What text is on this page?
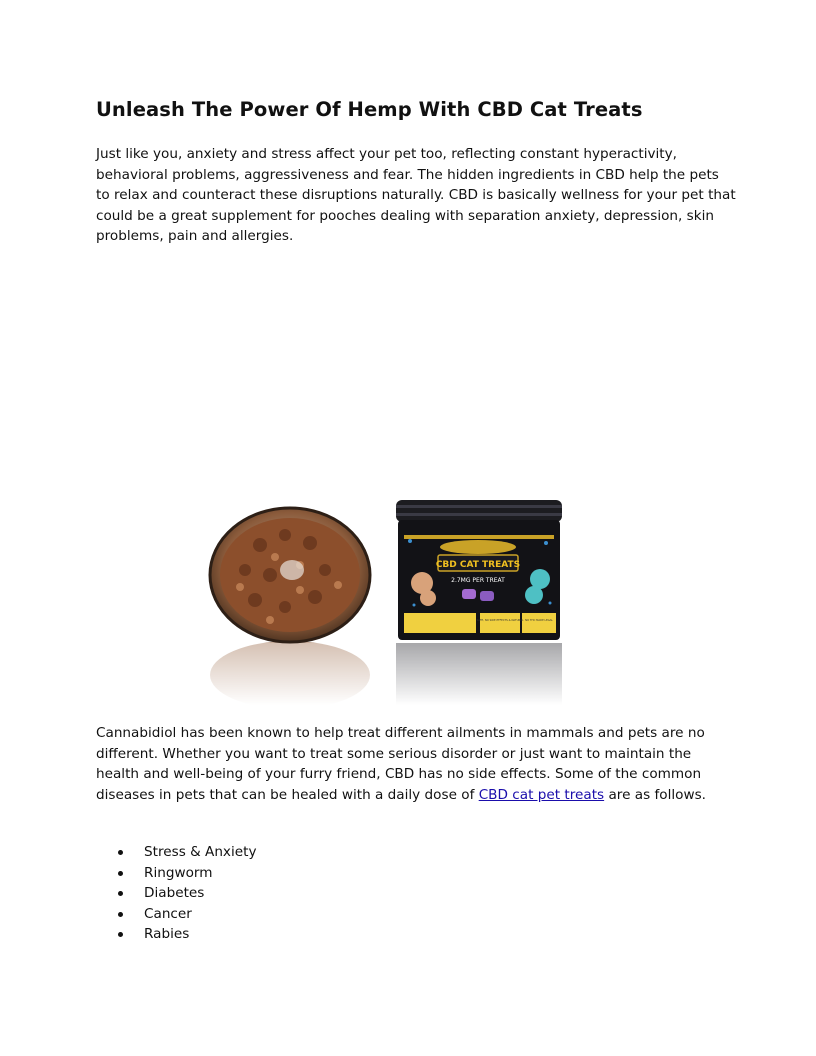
Unleash The Power Of Hemp With CBD Cat Treats

Just like you, anxiety and stress affect your pet too, reflecting constant hyperactivity, behavioral problems, aggressiveness and fear. The hidden ingredients in CBD help the pets to relax and counteract these disruptions naturally. CBD is basically wellness for your pet that could be a great supplement for pooches dealing with separation anxiety, depression, skin problems, pain and allergies.

CBD CAT TREATS
2.7MG PER TREAT
SAFE, NO SIDE EFFECTS & NATURAL NO THC MADE LEGAL

Cannabidiol has been known to help treat different ailments in mammals and pets are no different. Whether you want to treat some serious disorder or just want to maintain the health and well-being of your furry friend, CBD has no side effects. Some of the common diseases in pets that can be healed with a daily dose of CBD cat pet treats are as follows.

Stress & Anxiety
Ringworm
Diabetes
Cancer
Rabies
